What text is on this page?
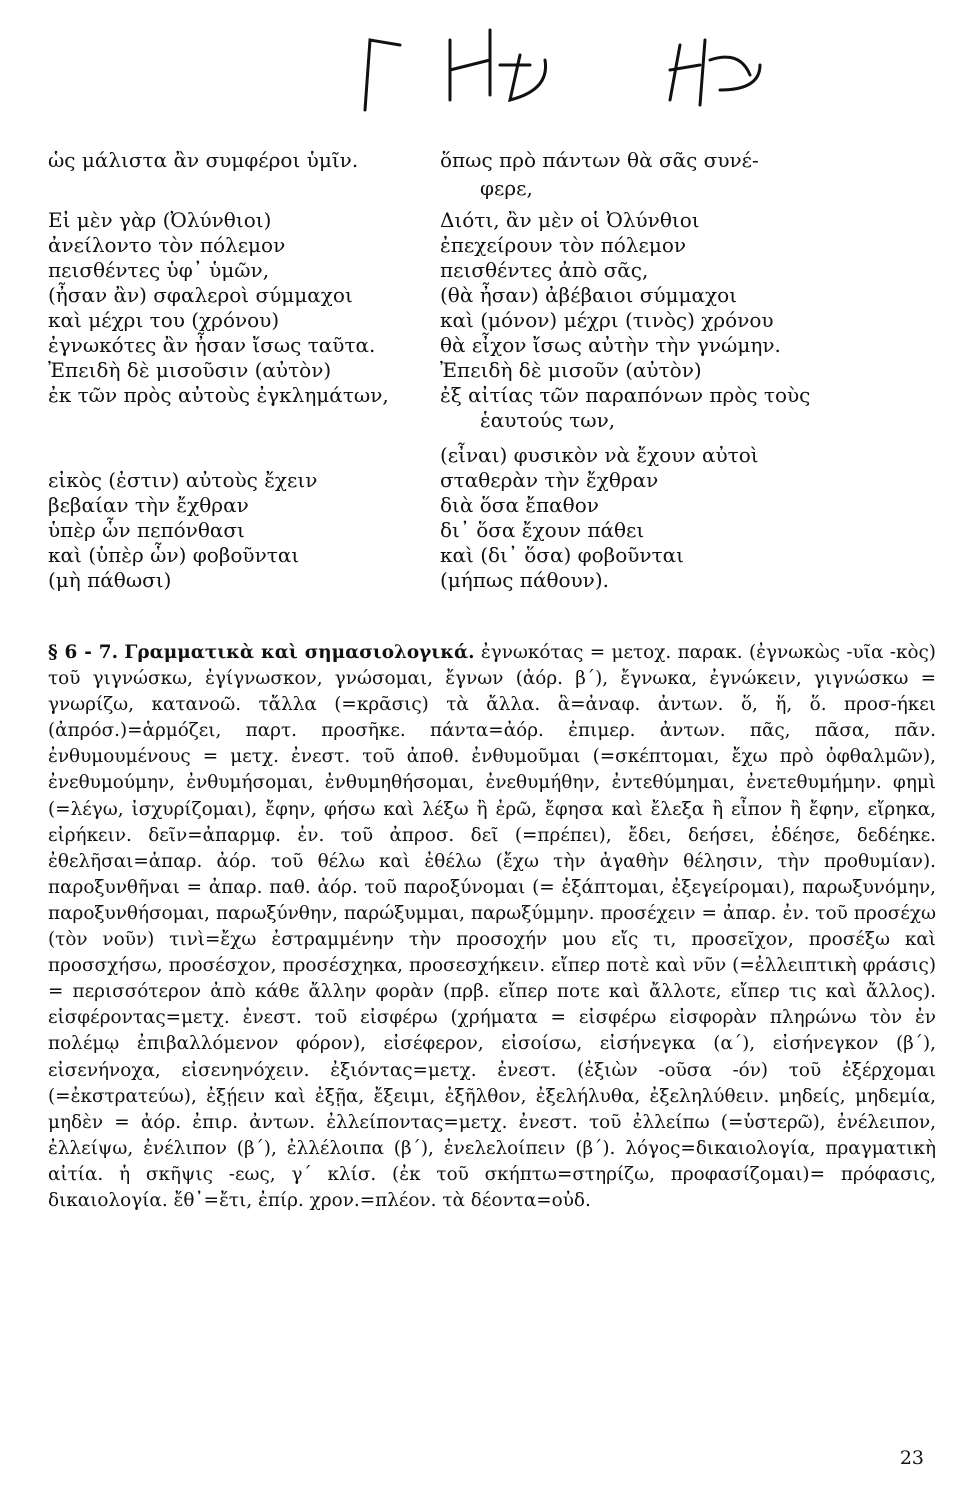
ὡς μάλιστα ἂν συμφέροι ὑμῖν.
Εἰ μὲν γὰρ (Ὀλύνθιοι)
ἀνείλοντο τὸν πόλεμον
πεισθέντες ὑφ᾽ ὑμῶν,
(ἦσαν ἂν) σφαλεροὶ σύμμαχοι
καὶ μέχρι του (χρόνου)
ἐγνωκότες ἂν ἦσαν ἴσως ταῦτα.
Ἐπειδὴ δὲ μισοῦσιν (αὐτὸν)
ἐκ τῶν πρὸς αὐτοὺς ἐγκλημάτων,
εἰκὸς (ἐστιν) αὐτοὺς ἔχειν
βεβαίαν τὴν ἔχθραν
ὑπὲρ ὧν πεπόνθασι
καὶ (ὑπὲρ ὧν) φοβοῦνται
(μὴ πάθωσι)
ὅπως πρὸ πάντων θὰ σᾶς συνέ-
φερε,
Διότι, ἂν μὲν οἱ Ὀλύνθιοι
ἐπεχείρουν τὸν πόλεμον
πεισθέντες ἀπὸ σᾶς,
(θὰ ἦσαν) ἀβέβαιοι σύμμαχοι
καὶ (μόνον) μέχρι (τινὸς) χρόνου
θὰ εἶχον ἴσως αὐτὴν τὴν γνώμην.
Ἐπειδὴ δὲ μισοῦν (αὐτὸν)
ἐξ αἰτίας τῶν παραπόνων πρὸς τοὺς
ἑαυτούς των,
(εἶναι) φυσικὸν νὰ ἔχουν αὐτοὶ
σταθερὰν τὴν ἔχθραν
διὰ ὅσα ἔπαθον
δι᾽ ὅσα ἔχουν πάθει
καὶ (δι᾽ ὅσα) φοβοῦνται
(μήπως πάθουν).

§ 6 - 7. Γραμματικὰ καὶ σημασιολογικά. ἐγνωκότας = μετοχ. παρακ. (ἐγνωκὼς -υῖα -κὸς) τοῦ γιγνώσκω, ἐγίγνωσκον, γνώσομαι, ἔγνων (ἀόρ. β΄), ἔγνωκα, ἐγνώκειν, γιγνώσκω = γνωρίζω, κατανοῶ. τἄλλα (=κρᾶσις) τὰ ἄλλα. ἃ=ἀναφ. ἀντων. ὅ, ἥ, ὅ. προσ-ήκει (ἀπρόσ.)=ἁρμόζει, παρτ. προσῆκε. πάντα=ἀόρ. ἐπιμερ. ἀντων. πᾶς, πᾶσα, πᾶν. ἐνθυμουμένους = μετχ. ἐνεστ. τοῦ ἀποθ. ἐνθυμοῦμαι (=σκέπτομαι, ἔχω πρὸ ὀφθαλμῶν), ἐνεθυμούμην, ἐνθυμήσομαι, ἐνθυμηθήσομαι, ἐνεθυμήθην, ἐντεθύμημαι, ἐνετεθυμήμην. φημὶ (=λέγω, ἰσχυρίζομαι), ἔφην, φήσω καὶ λέξω ἢ ἐρῶ, ἔφησα καὶ ἔλεξα ἢ εἶπον ἢ ἔφην, εἴρηκα, εἰρήκειν. δεῖν=ἀπαρμφ. ἐν. τοῦ ἀπροσ. δεῖ (=πρέπει), ἔδει, δεήσει, ἐδέησε, δεδέηκε. ἐθελῆσαι=ἀπαρ. ἀόρ. τοῦ θέλω καὶ ἐθέλω (ἔχω τὴν ἀγαθὴν θέλησιν, τὴν προθυμίαν). παροξυνθῆναι = ἀπαρ. παθ. ἀόρ. τοῦ παροξύνομαι (= ἐξάπτομαι, ἐξεγείρομαι), παρωξυνόμην, παροξυνθήσομαι, παρωξύνθην, παρώξυμμαι, παρωξύμμην. προσέχειν = ἀπαρ. ἐν. τοῦ προσέχω (τὸν νοῦν) τινὶ=ἔχω ἐστραμμένην τὴν προσοχήν μου εἴς τι, προσεῖχον, προσέξω καὶ προσσχήσω, προσέσχον, προσέσχηκα, προσεσχήκειν. εἴπερ ποτὲ καὶ νῦν (=ἐλλειπτικὴ φράσις) = περισσότερον ἀπὸ κάθε ἄλλην φορὰν (πρβ. εἴπερ ποτε καὶ ἄλλοτε, εἴπερ τις καὶ ἄλλος). εἰσφέροντας=μετχ. ἐνεστ. τοῦ εἰσφέρω (χρήματα = εἰσφέρω εἰσφορὰν πληρώνω τὸν ἐν πολέμῳ ἐπιβαλλόμενον φόρον), εἰσέφερον, εἰσοίσω, εἰσήνεγκα (α΄), εἰσήνεγκον (β΄), εἰσενήνοχα, εἰσενηνόχειν. ἐξιόντας=μετχ. ἐνεστ. (ἐξιὼν -οῦσα -όν) τοῦ ἐξέρχομαι (=ἐκστρατεύω), ἐξῄειν καὶ ἐξῇα, ἔξειμι, ἐξῆλθον, ἐξελήλυθα, ἐξεληλύθειν. μηδείς, μηδεμία, μηδὲν = ἀόρ. ἐπιρ. ἀντων. ἐλλείποντας=μετχ. ἐνεστ. τοῦ ἐλλείπω (=ὑστερῶ), ἐνέλειπον, ἐλλείψω, ἐνέλιπον (β΄), ἐλλέλοιπα (β΄), ἐνελελοίπειν (β΄). λόγος=δικαιολογία, πραγματικὴ αἰτία. ἡ σκῆψις -εως, γ΄ κλίσ. (ἐκ τοῦ σκήπτω=στηρίζω, προφασίζομαι)= πρόφασις, δικαιολογία. ἔθ᾽=ἔτι, ἐπίρ. χρον.=πλέον. τὰ δέοντα=οὐδ.

23
